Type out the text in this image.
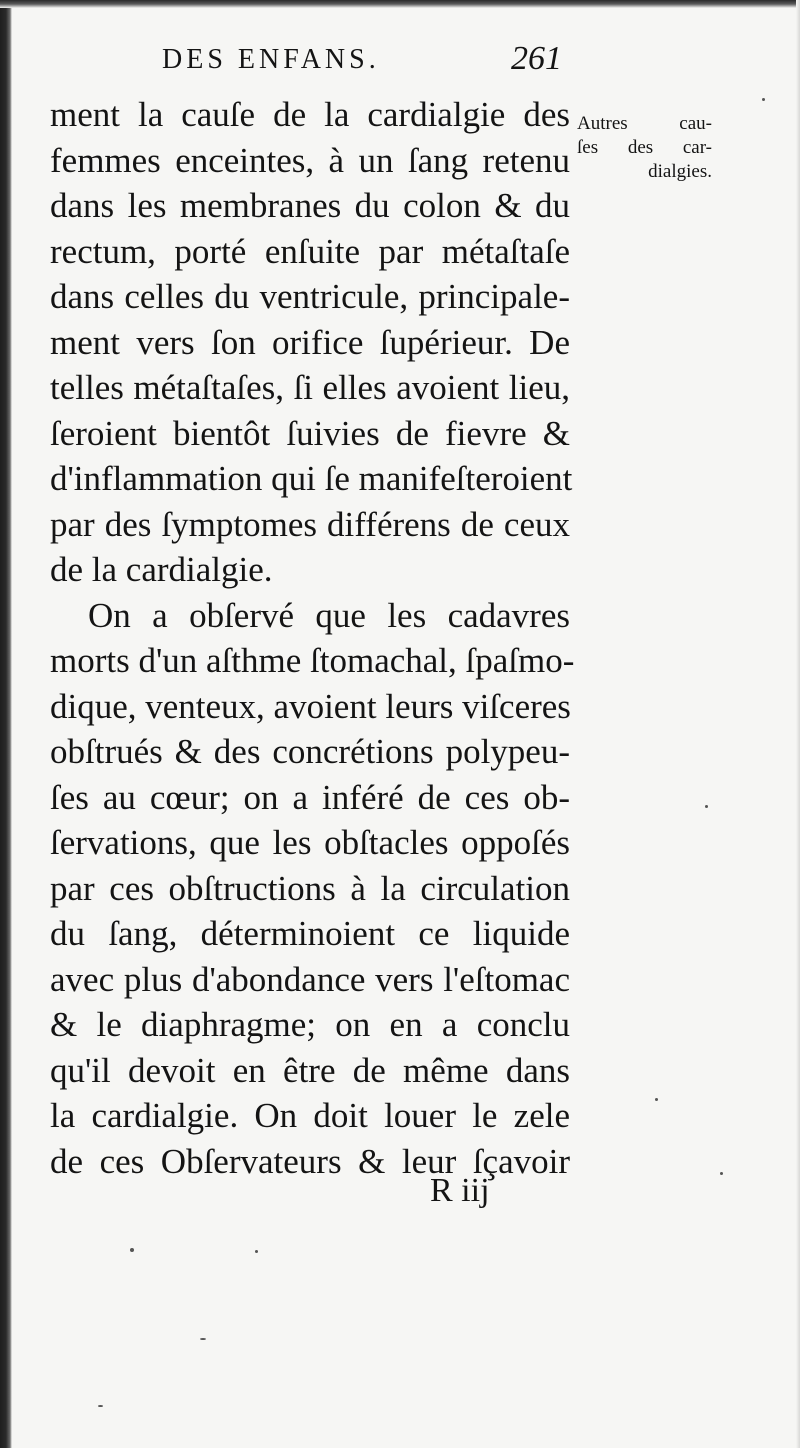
DES ENFANS.	261
ment la cauſe de la cardialgie des
femmes enceintes, à un ſang retenu
dans les membranes du colon & du
rectum, porté enſuite par métaſtaſe
dans celles du ventricule, principale-
ment vers ſon orifice ſupérieur. De
telles métaſtaſes, ſi elles avoient lieu,
ſeroient bientôt ſuivies de fievre &
d'inflammation qui ſe manifeſteroient
par des ſymptomes différens de ceux
de la cardialgie.
On a obſervé que les cadavres
morts d'un aſthme ſtomachal, ſpaſmo-
dique, venteux, avoient leurs viſceres
obſtrués & des concrétions polypeu-
ſes au cœur; on a inféré de ces ob-
ſervations, que les obſtacles oppoſés
par ces obſtructions à la circulation
du ſang, déterminoient ce liquide
avec plus d'abondance vers l'eſtomac
& le diaphragme; on en a conclu
qu'il devoit en être de même dans
la cardialgie. On doit louer le zele
de ces Obſervateurs & leur ſçavoir
Autres cau-
ſes des car-
dialgies.
R iij
